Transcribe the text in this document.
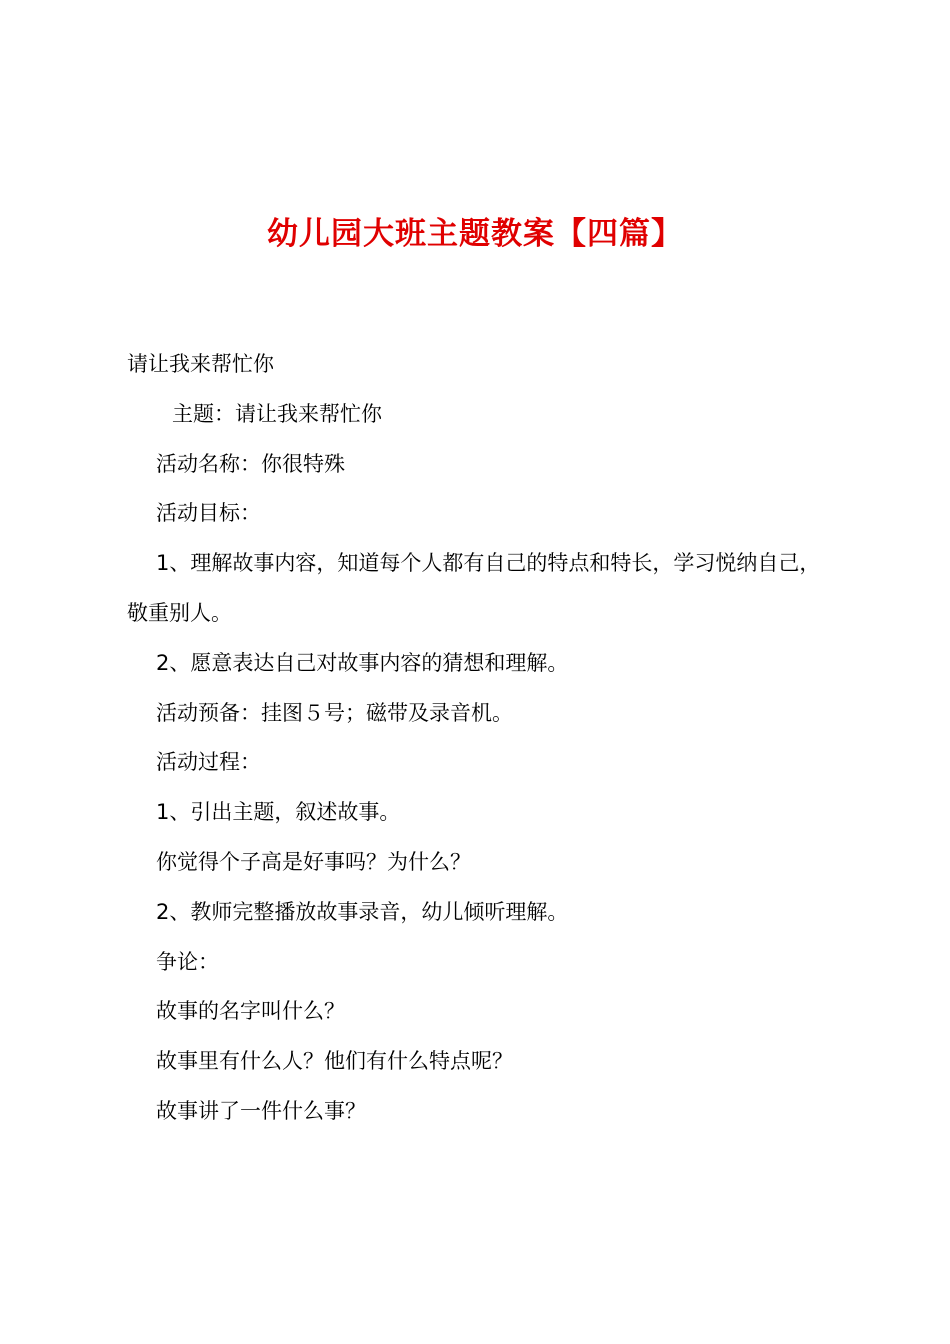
幼儿园大班主题教案【四篇】

请让我来帮忙你

主题：请让我来帮忙你

活动名称：你很特殊

活动目标：

1、理解故事内容，知道每个人都有自己的特点和特长，学习悦纳自己，敬重别人。

2、愿意表达自己对故事内容的猜想和理解。

活动预备：挂图５号；磁带及录音机。

活动过程：

1、引出主题，叙述故事。

你觉得个子高是好事吗？为什么？

2、教师完整播放故事录音，幼儿倾听理解。

争论：

故事的名字叫什么？

故事里有什么人？他们有什么特点呢？

故事讲了一件什么事？
